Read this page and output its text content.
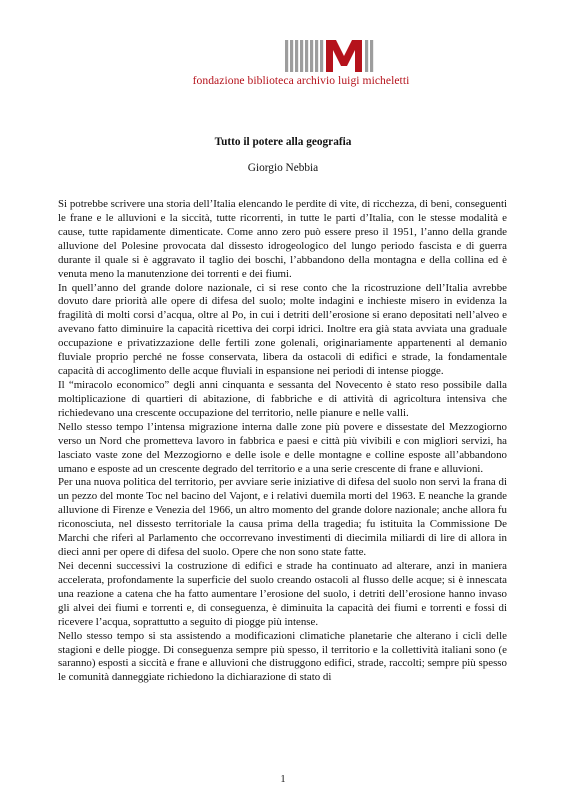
fondazione biblioteca archivio luigi micheletti
Tutto il potere alla geografia
Giorgio Nebbia

Si potrebbe scrivere una storia dell’Italia elencando le perdite di vite, di ricchezza, di beni, conseguenti le frane e le alluvioni e la siccità, tutte ricorrenti, in tutte le parti d’Italia, con le stesse modalità e cause, tutte rapidamente dimenticate. Come anno zero può essere preso il 1951, l’anno della grande alluvione del Polesine provocata dal dissesto idrogeologico del lungo periodo fascista e di guerra durante il quale si è aggravato il taglio dei boschi, l’abbandono della montagna e della collina ed è venuta meno la manutenzione dei torrenti e dei fiumi.

In quell’anno del grande dolore nazionale, ci si rese conto che la ricostruzione dell’Italia avrebbe dovuto dare priorità alle opere di difesa del suolo; molte indagini e inchieste misero in evidenza la fragilità di molti corsi d’acqua, oltre al Po, in cui i detriti dell’erosione si erano depositati nell’alveo e avevano fatto diminuire la capacità ricettiva dei corpi idrici. Inoltre era già stata avviata una graduale occupazione e privatizzazione delle fertili zone golenali, originariamente appartenenti al demanio fluviale proprio perché ne fosse conservata, libera da ostacoli di edifici e strade, la fondamentale capacità di accoglimento delle acque fluviali in espansione nei periodi di intense piogge.

Il “miracolo economico” degli anni cinquanta e sessanta del Novecento è stato reso possibile dalla moltiplicazione di quartieri di abitazione, di fabbriche e di attività di agricoltura intensiva che richiedevano una crescente occupazione del territorio, nelle pianure e nelle valli.

Nello stesso tempo l’intensa migrazione interna dalle zone più povere e dissestate del Mezzogiorno verso un Nord che prometteva lavoro in fabbrica e paesi e città più vivibili e con migliori servizi, ha lasciato vaste zone del Mezzogiorno e delle isole e delle montagne e colline esposte all’abbandono umano e esposte ad un crescente degrado del territorio e a una serie crescente di frane e alluvioni.

Per una nuova politica del territorio, per avviare serie iniziative di difesa del suolo non servì la frana di un pezzo del monte Toc nel bacino del Vajont, e i relativi duemila morti del 1963. E neanche la grande alluvione di Firenze e Venezia del 1966, un altro momento del grande dolore nazionale; anche allora fu riconosciuta, nel dissesto territoriale la causa prima della tragedia; fu istituita la Commissione De Marchi che riferì al Parlamento che occorrevano investimenti di diecimila miliardi di lire di allora in dieci anni per opere di difesa del suolo. Opere che non sono state fatte.

Nei decenni successivi la costruzione di edifici e strade ha continuato ad alterare, anzi in maniera accelerata, profondamente la superficie del suolo creando ostacoli al flusso delle acque; si è innescata una reazione a catena che ha fatto aumentare l’erosione del suolo, i detriti dell’erosione hanno invaso gli alvei dei fiumi e torrenti e, di conseguenza, è diminuita la capacità dei fiumi e torrenti e fossi di ricevere l’acqua, soprattutto a seguito di piogge più intense.

Nello stesso tempo si sta assistendo a modificazioni climatiche planetarie che alterano i cicli delle stagioni e delle piogge. Di conseguenza sempre più spesso, il territorio e la collettività italiani sono (e saranno) esposti a siccità e frane e alluvioni che distruggono edifici, strade, raccolti; sempre più spesso le comunità danneggiate richiedono la dichiarazione di stato di

1
